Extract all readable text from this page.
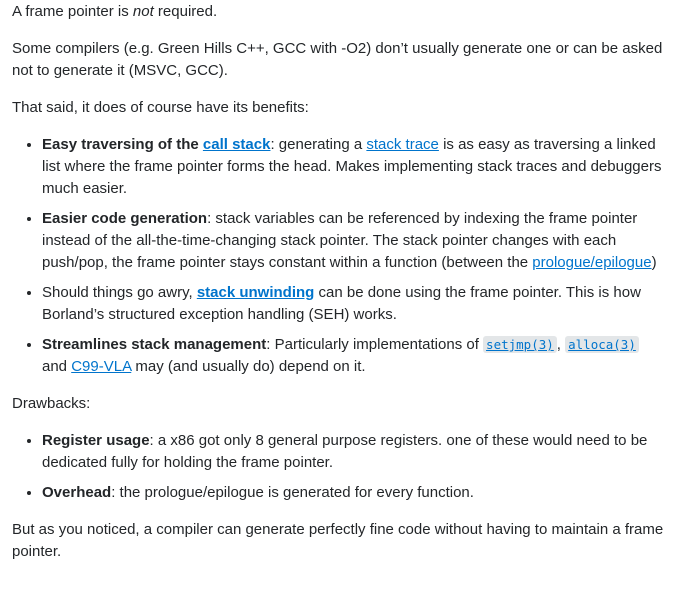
A frame pointer is not required.

Some compilers (e.g. Green Hills C++, GCC with -O2) don’t usually generate one or can be asked not to generate it (MSVC, GCC).

That said, it does of course have its benefits:

• Easy traversing of the call stack: generating a stack trace is as easy as traversing a linked list where the frame pointer forms the head. Makes implementing stack traces and debuggers much easier.
• Easier code generation: stack variables can be referenced by indexing the frame pointer instead of the all-the-time-changing stack pointer. The stack pointer changes with each push/pop, the frame pointer stays constant within a function (between the prologue/epilogue)
• Should things go awry, stack unwinding can be done using the frame pointer. This is how Borland’s structured exception handling (SEH) works.
• Streamlines stack management: Particularly implementations of setjmp(3) , alloca(3) and C99-VLA may (and usually do) depend on it.

Drawbacks:

• Register usage: a x86 got only 8 general purpose registers. one of these would need to be dedicated fully for holding the frame pointer.
• Overhead: the prologue/epilogue is generated for every function.

But as you noticed, a compiler can generate perfectly fine code without having to maintain a frame pointer.
